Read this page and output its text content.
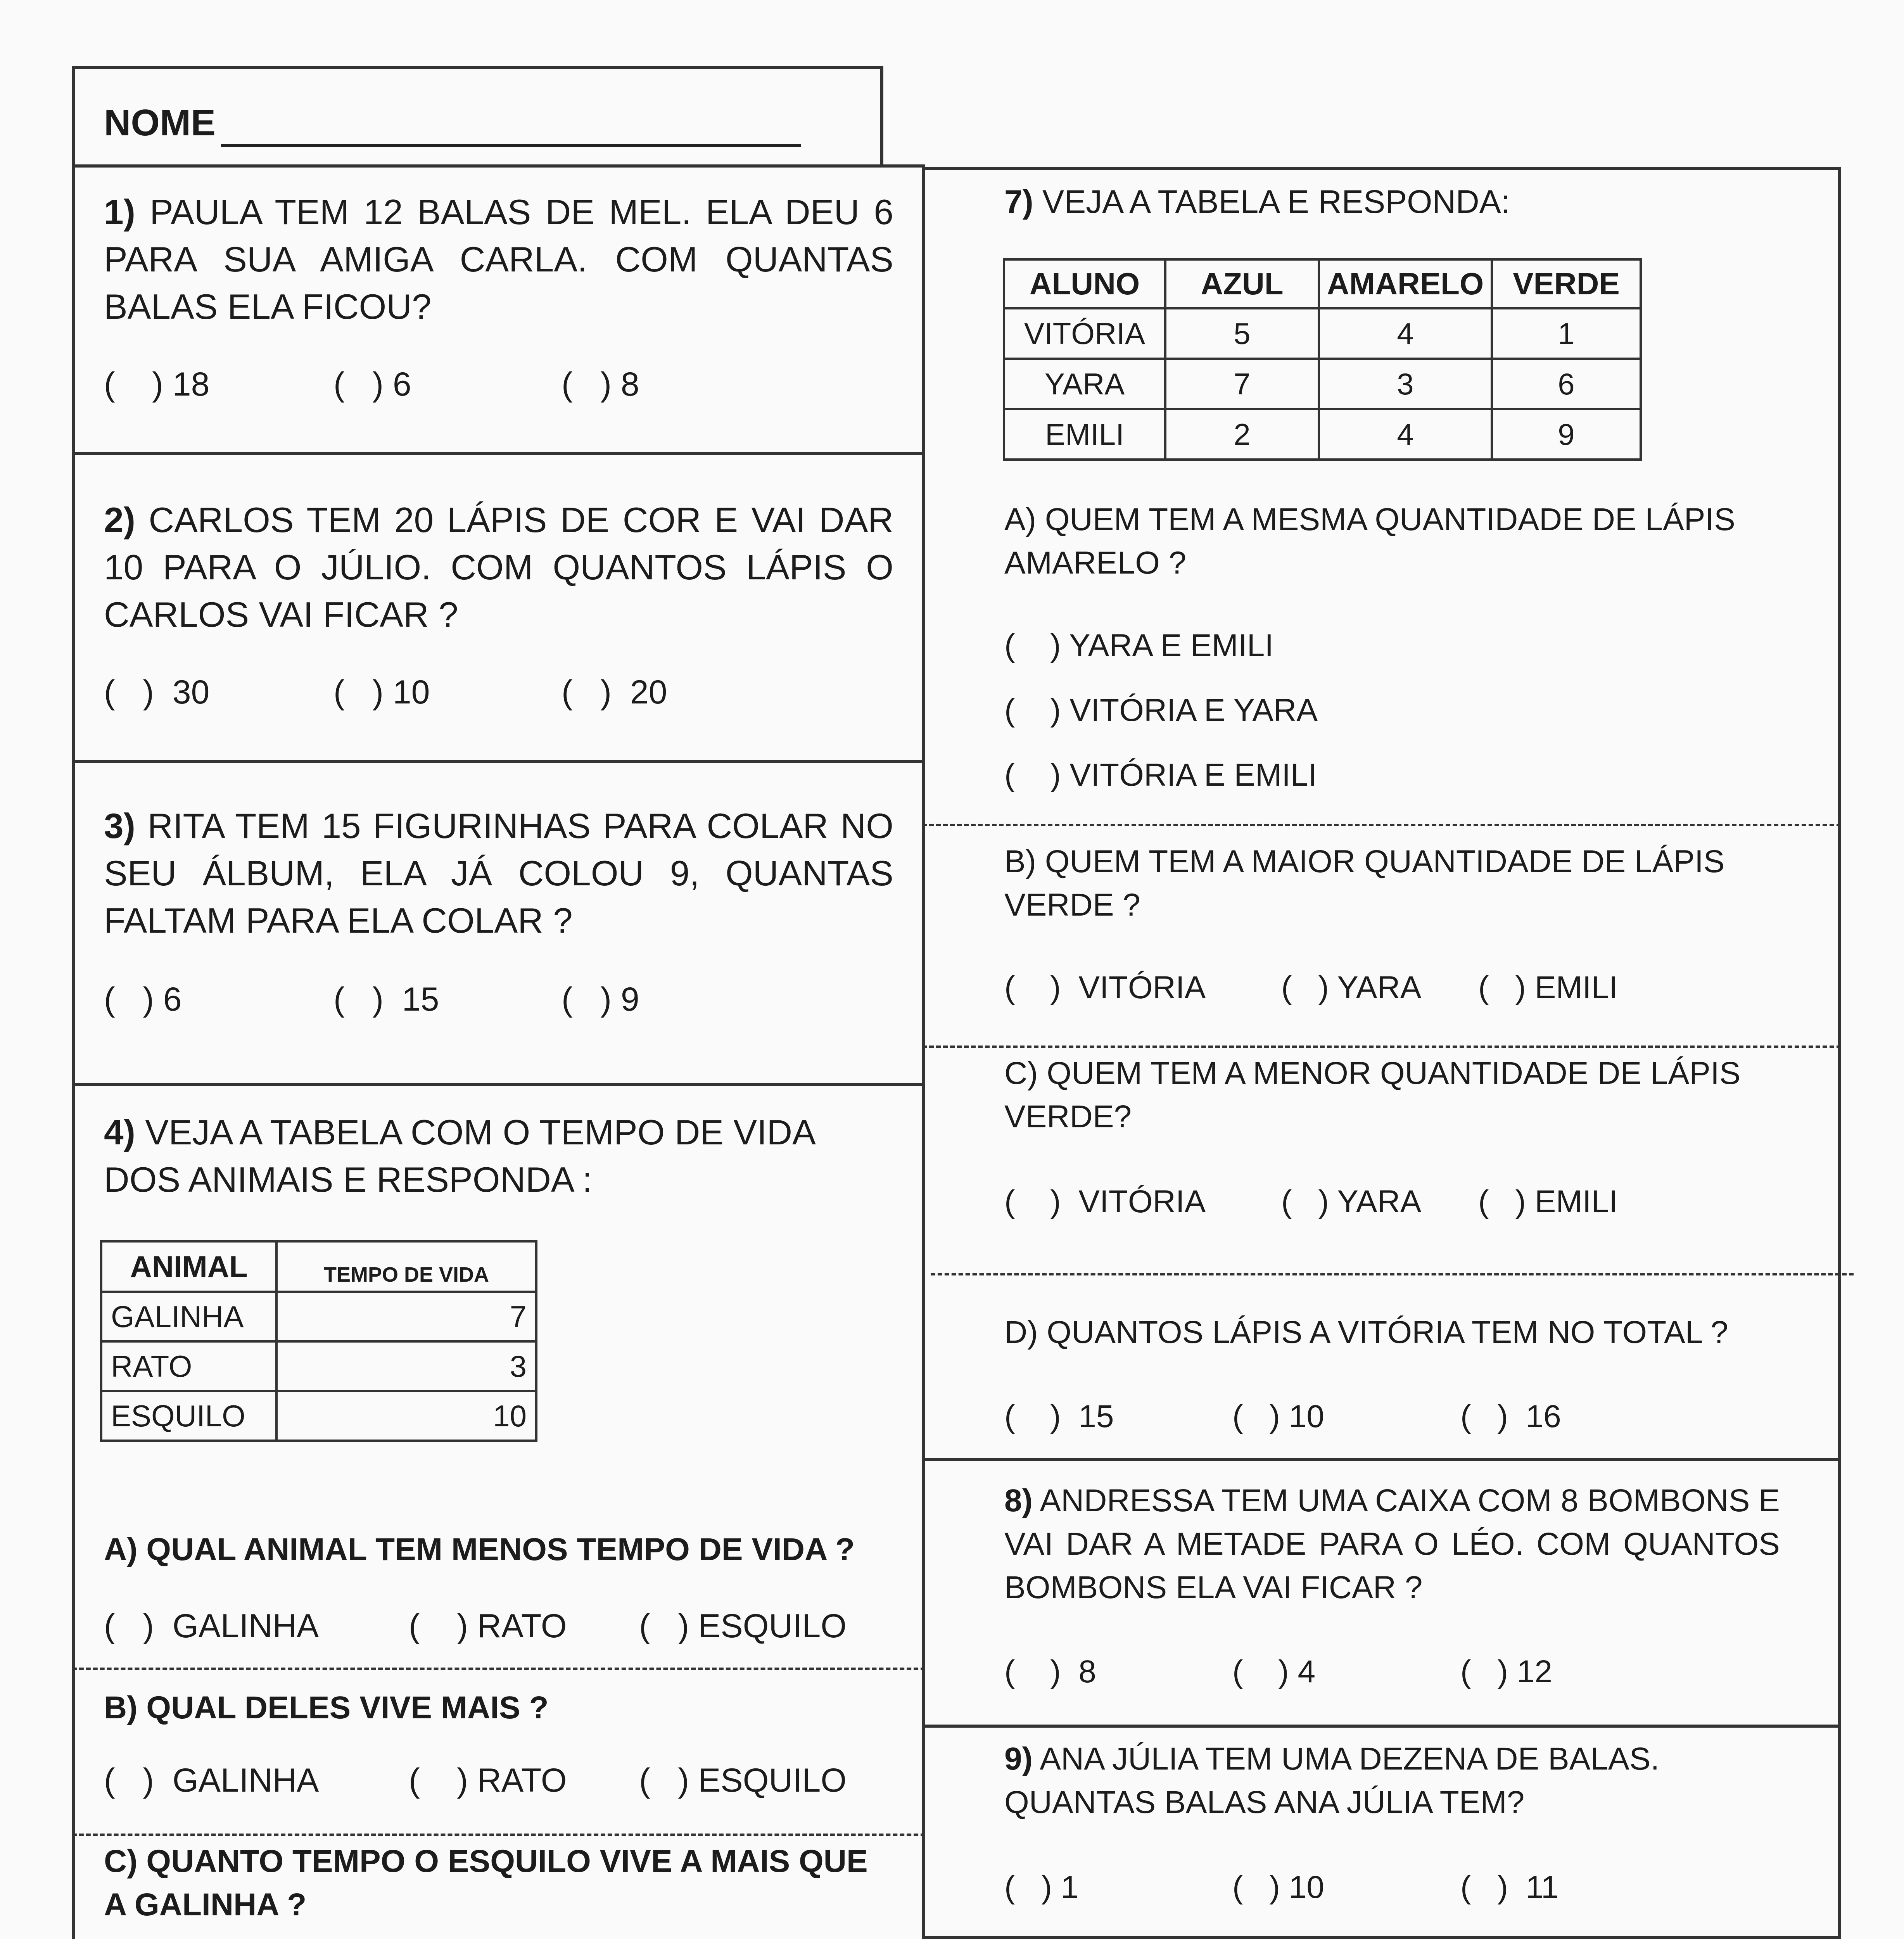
NOME
1) PAULA TEM 12 BALAS DE MEL. ELA DEU 6 PARA SUA AMIGA CARLA. COM QUANTAS BALAS ELA FICOU?
(    ) 18	(   ) 6	(   ) 8
2) CARLOS TEM 20 LÁPIS DE COR E VAI DAR 10 PARA O JÚLIO. COM QUANTOS LÁPIS O CARLOS VAI FICAR ?
(   )  30	(   ) 10	(   )  20
3) RITA TEM 15 FIGURINHAS PARA COLAR NO SEU ÁLBUM, ELA JÁ COLOU 9, QUANTAS FALTAM PARA ELA COLAR ?
(   ) 6	(   )  15	(   ) 9
4) VEJA A TABELA COM O TEMPO DE VIDA DOS ANIMAIS E RESPONDA :
ANIMAL	TEMPO DE VIDA
GALINHA	7
RATO	3
ESQUILO	10
A) QUAL ANIMAL TEM MENOS TEMPO DE VIDA ?
(   )  GALINHA	(    ) RATO (   ) ESQUILO
B) QUAL DELES VIVE MAIS ?
(   )  GALINHA	(    ) RATO (   ) ESQUILO
C) QUANTO TEMPO O ESQUILO VIVE A MAIS QUE A GALINHA ?
7) VEJA A TABELA E RESPONDA:
ALUNO	AZUL	AMARELO	VERDE
VITÓRIA	5	4	1
YARA	7	3	6
EMILI	2	4	9
A) QUEM TEM A MESMA QUANTIDADE DE LÁPIS AMARELO ?
(    ) YARA E EMILI
(    ) VITÓRIA E YARA
(    ) VITÓRIA E EMILI
B) QUEM TEM A MAIOR QUANTIDADE DE LÁPIS VERDE ?
(    )  VITÓRIA (   ) YARA (   ) EMILI
C) QUEM TEM A MENOR QUANTIDADE DE LÁPIS VERDE?
(    )  VITÓRIA (   ) YARA (   ) EMILI
D) QUANTOS LÁPIS A VITÓRIA TEM NO TOTAL ?
(    )  15	(   ) 10	(   )  16
8) ANDRESSA TEM UMA CAIXA COM 8 BOMBONS E VAI DAR A METADE PARA O LÉO. COM QUANTOS BOMBONS ELA VAI FICAR ?
(    )  8	(    ) 4	(   ) 12
9) ANA JÚLIA TEM UMA DEZENA DE BALAS. QUANTAS BALAS ANA JÚLIA TEM?
(   ) 1	(   ) 10	(   )  11
